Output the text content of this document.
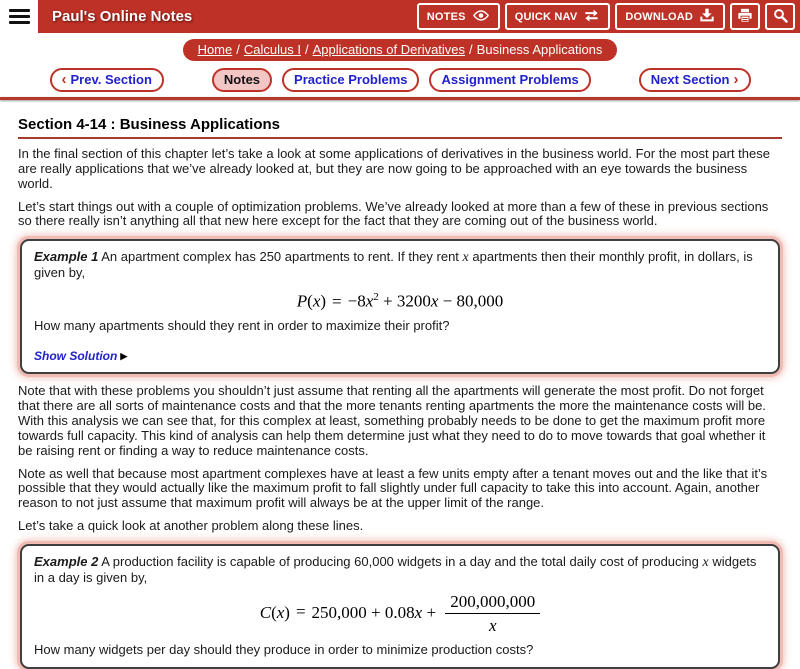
Paul's Online Notes	NOTES	QUICK NAV	DOWNLOAD
Home / Calculus I / Applications of Derivatives / Business Applications
‹ Prev. Section	Notes	Practice Problems	Assignment Problems	Next Section ›
Section 4-14 : Business Applications

In the final section of this chapter let’s take a look at some applications of derivatives in the business world. For the most part these are really applications that we’ve already looked at, but they are now going to be approached with an eye towards the business world.

Let’s start things out with a couple of optimization problems. We’ve already looked at more than a few of these in previous sections so there really isn’t anything all that new here except for the fact that they are coming out of the business world.

Example 1 An apartment complex has 250 apartments to rent. If they rent x apartments then their monthly profit, in dollars, is given by,
$P(x) = -8x^2 + 3200x - 80,000$
How many apartments should they rent in order to maximize their profit?
Show Solution ▶

Note that with these problems you shouldn’t just assume that renting all the apartments will generate the most profit. Do not forget that there are all sorts of maintenance costs and that the more tenants renting apartments the more the maintenance costs will be. With this analysis we can see that, for this complex at least, something probably needs to be done to get the maximum profit more towards full capacity. This kind of analysis can help them determine just what they need to do to move towards that goal whether it be raising rent or finding a way to reduce maintenance costs.

Note as well that because most apartment complexes have at least a few units empty after a tenant moves out and the like that it’s possible that they would actually like the maximum profit to fall slightly under full capacity to take this into account. Again, another reason to not just assume that maximum profit will always be at the upper limit of the range.

Let’s take a quick look at another problem along these lines.

Example 2 A production facility is capable of producing 60,000 widgets in a day and the total daily cost of producing x widgets in a day is given by,
$C(x) = 250,000 + 0.08x + \frac{200,000,000}{x}$
How many widgets per day should they produce in order to minimize production costs?
